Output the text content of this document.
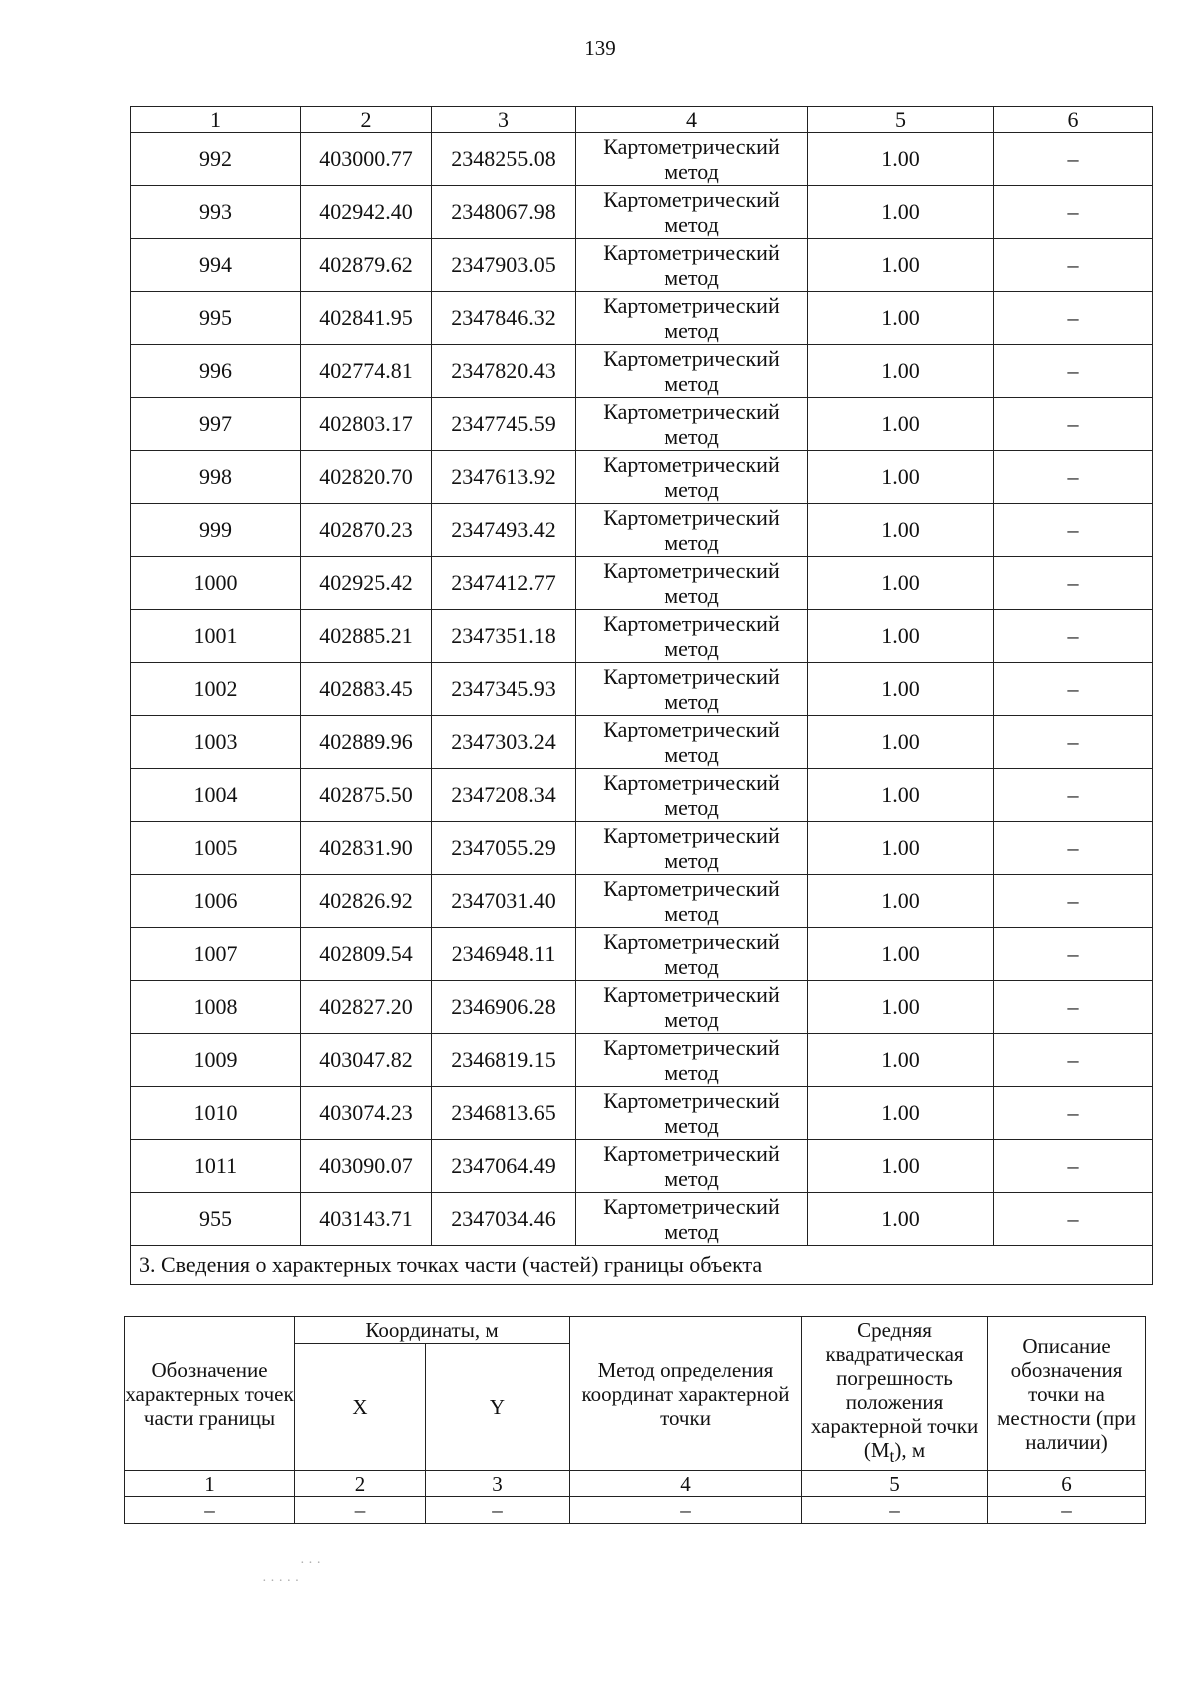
139
1	2	3	4	5	6
992	403000.77	2348255.08	Картометрический метод	1.00	–
993	402942.40	2348067.98	Картометрический метод	1.00	–
994	402879.62	2347903.05	Картометрический метод	1.00	–
995	402841.95	2347846.32	Картометрический метод	1.00	–
996	402774.81	2347820.43	Картометрический метод	1.00	–
997	402803.17	2347745.59	Картометрический метод	1.00	–
998	402820.70	2347613.92	Картометрический метод	1.00	–
999	402870.23	2347493.42	Картометрический метод	1.00	–
1000	402925.42	2347412.77	Картометрический метод	1.00	–
1001	402885.21	2347351.18	Картометрический метод	1.00	–
1002	402883.45	2347345.93	Картометрический метод	1.00	–
1003	402889.96	2347303.24	Картометрический метод	1.00	–
1004	402875.50	2347208.34	Картометрический метод	1.00	–
1005	402831.90	2347055.29	Картометрический метод	1.00	–
1006	402826.92	2347031.40	Картометрический метод	1.00	–
1007	402809.54	2346948.11	Картометрический метод	1.00	–
1008	402827.20	2346906.28	Картометрический метод	1.00	–
1009	403047.82	2346819.15	Картометрический метод	1.00	–
1010	403074.23	2346813.65	Картометрический метод	1.00	–
1011	403090.07	2347064.49	Картометрический метод	1.00	–
955	403143.71	2347034.46	Картометрический метод	1.00	–
3. Сведения о характерных точках части (частей) границы объекта					
Обозначение характерных точек части границы	Координаты, м		Метод определения координат характерной точки	Средняя квадратическая погрешность положения характерной точки $(M_t)$, м	Описание обозначения точки на местности (при наличии)
	X	Y			
1	2	3	4	5	6
–	–	–	–	–	–
· · ·
· · · · ·
